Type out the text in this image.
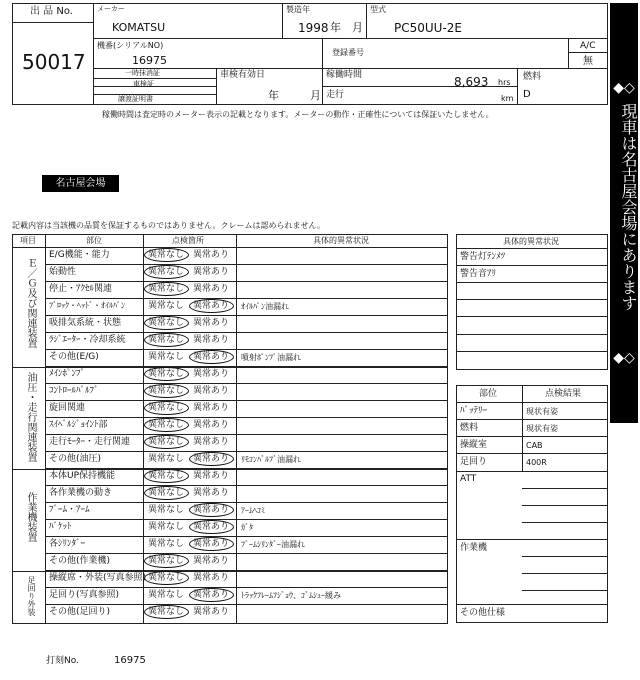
出 品 No.
50017
メーカー
KOMATSU
製造年
1998 年 月
型式
PC50UU-2E
機番(シリアルNO)
16975
登録番号
A/C
無
一時抹消証
車検証
譲渡証明書
車検有効日
年	月
稼働時間	8,693 hrs
走行	km
燃料
D
稼働時間は査定時のメーター表示の記載となります。メーターの動作・正確性については保証いたしません。
名古屋会場
◆◇
現車は名古屋会場にあります
◆◇
記載内容は当該機の品質を保証するものではありません。クレームは認められません。
項目	部位	点検箇所	具体的異常状況
Ｅ／Ｇ及び関連装置
油圧・走行関連装置
作業機装置
足回り外装
E/G機能・能力	異常なし 異常あり
始動性	異常なし 異常あり
停止・ｱｸｾﾙ関連	異常なし 異常あり
ﾌﾞﾛｯｸ・ﾍｯﾄﾞ・ｵｲﾙﾊﾟﾝ	異常なし 異常あり ｵｲﾙﾊﾟﾝ油漏れ
吸排気系統・状態	異常なし 異常あり
ﾗｼﾞｴｰﾀｰ・冷却系統 異常なし 異常あり
その他(E/G)	異常なし 異常あり 噴射ﾎﾟﾝﾌﾟ油漏れ
ﾒｲﾝﾎﾟﾝﾌﾟ	異常なし 異常あり
ｺﾝﾄﾛｰﾙﾊﾞﾙﾌﾞ	異常なし 異常あり
旋回関連	異常なし 異常あり
ｽｲﾍﾞﾙｼﾞｮｲﾝﾄ部	異常なし 異常あり
走行ﾓｰﾀｰ・走行関連 異常なし 異常あり
その他(油圧)	異常なし 異常あり ﾘﾓｺﾝﾊﾞﾙﾌﾞ油漏れ
本体UP保持機能	異常なし 異常あり
各作業機の動き	異常なし 異常あり
ﾌﾞｰﾑ・ｱｰﾑ	異常なし 異常あり ｱｰﾑﾍｺﾐ
ﾊﾞｹｯﾄ	異常なし 異常あり ｶﾞﾀ
各ｼﾘﾝﾀﾞｰ	異常なし 異常あり ﾌﾞｰﾑｼﾘﾝﾀﾞｰ油漏れ
その他(作業機)	異常なし 異常あり
操縦席・外装(写真参照) 異常なし 異常あり
足回り(写真参照)	異常なし 異常あり ﾄﾗｯｸﾌﾚｰﾑﾌｼﾞｮｳ、ｺﾞﾑｼｭｰ緩み
その他(足回り)	異常なし 異常あり
具体的異常状況
警告灯ﾃﾝﾒﾂ
警告音ｱﾘ
部位	点検結果
ﾊﾞｯﾃﾘｰ	現状有姿
燃料	現状有姿
操縦室	CAB
足回り	400R
ATT
作業機
その他仕様
打刻No.	16975
